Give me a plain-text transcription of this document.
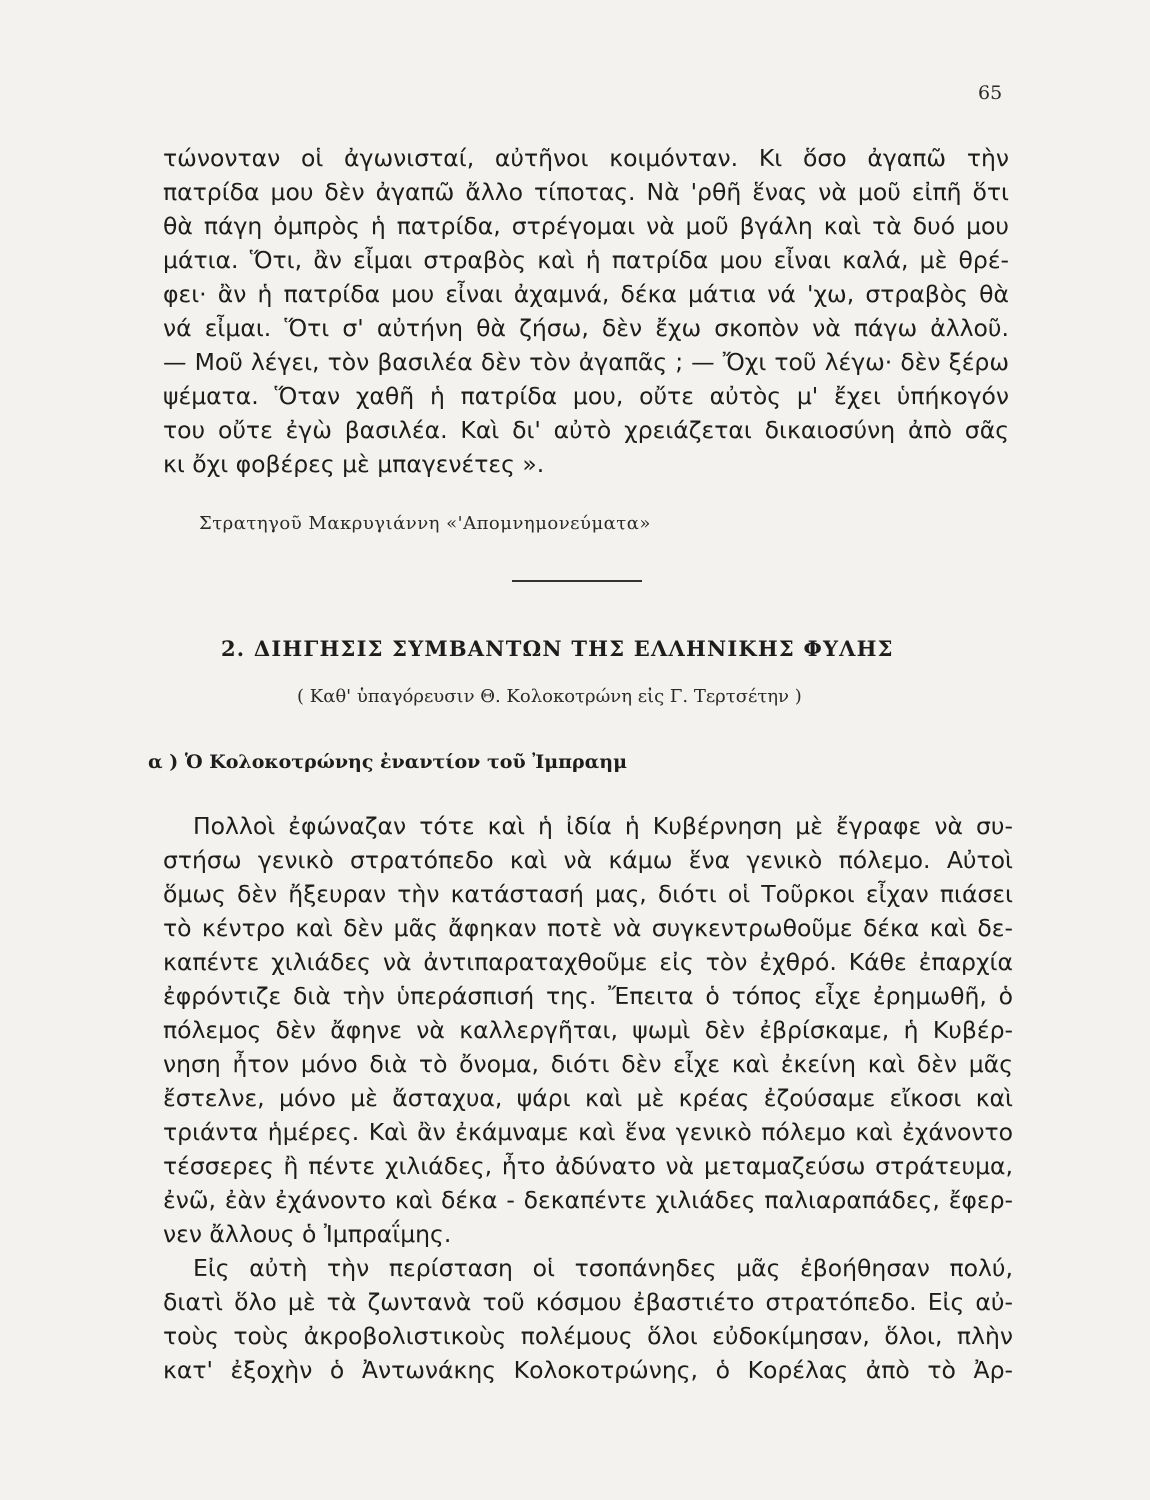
65
τώνονταν οἱ ἀγωνισταί, αὐτῆνοι κοιμόνταν. Κι ὅσο ἀγαπῶ τὴν
πατρίδα μου δὲν ἀγαπῶ ἄλλο τίποτας. Νὰ 'ρθῆ ἕνας νὰ μοῦ εἰπῆ ὅτι
θὰ πάγη ὀμπρὸς ἡ πατρίδα, στρέγομαι νὰ μοῦ βγάλη καὶ τὰ δυό μου
μάτια. Ὅτι, ἂν εἶμαι στραβὸς καὶ ἡ πατρίδα μου εἶναι καλά, μὲ θρέ-
φει· ἂν ἡ πατρίδα μου εἶναι ἀχαμνά, δέκα μάτια νά 'χω, στραβὸς θὰ
νά εἶμαι. Ὅτι σ' αὐτήνη θὰ ζήσω, δὲν ἔχω σκοπὸν νὰ πάγω ἀλλοῦ.
— Μοῦ λέγει, τὸν βασιλέα δὲν τὸν ἀγαπᾶς ; — Ὄχι τοῦ λέγω· δὲν ξέρω
ψέματα. Ὅταν χαθῆ ἡ πατρίδα μου, οὔτε αὐτὸς μ' ἔχει ὑπήκογόν
του οὔτε ἐγὼ βασιλέα. Καὶ δι' αὐτὸ χρειάζεται δικαιοσύνη ἀπὸ σᾶς
κι ὄχι φοβέρες μὲ μπαγενέτες ».
Στρατηγοῦ Μακρυγιάννη «'Απομνημονεύματα»
2. ΔΙΗΓΗΣΙΣ ΣΥΜΒΑΝΤΩΝ ΤΗΣ ΕΛΛΗΝΙΚΗΣ ΦΥΛΗΣ
( Καθ' ὑπαγόρευσιν Θ. Κολοκοτρώνη εἰς Γ. Τερτσέτην )
α ) Ὁ Κολοκοτρώνης ἐναντίον τοῦ Ἰμπραημ
Πολλοὶ ἐφώναζαν τότε καὶ ἡ ἰδία ἡ Κυβέρνηση μὲ ἔγραφε νὰ συ-
στήσω γενικὸ στρατόπεδο καὶ νὰ κάμω ἕνα γενικὸ πόλεμο. Αὐτοὶ
ὅμως δὲν ἤξευραν τὴν κατάστασή μας, διότι οἱ Τοῦρκοι εἶχαν πιάσει
τὸ κέντρο καὶ δὲν μᾶς ἄφηκαν ποτὲ νὰ συγκεντρωθοῦμε δέκα καὶ δε-
καπέντε χιλιάδες νὰ ἀντιπαραταχθοῦμε εἰς τὸν ἐχθρό. Κάθε ἐπαρχία
ἐφρόντιζε διὰ τὴν ὑπεράσπισή της. Ἔπειτα ὁ τόπος εἶχε ἐρημωθῆ, ὁ
πόλεμος δὲν ἄφηνε νὰ καλλεργῆται, ψωμὶ δὲν ἐβρίσκαμε, ἡ Κυβέρ-
νηση ἦτον μόνο διὰ τὸ ὄνομα, διότι δὲν εἶχε καὶ ἐκείνη καὶ δὲν μᾶς
ἔστελνε, μόνο μὲ ἄσταχυα, ψάρι καὶ μὲ κρέας ἐζούσαμε εἴκοσι καὶ
τριάντα ἡμέρες. Καὶ ἂν ἐκάμναμε καὶ ἕνα γενικὸ πόλεμο καὶ ἐχάνοντο
τέσσερες ἢ πέντε χιλιάδες, ἦτο ἀδύνατο νὰ μεταμαζεύσω στράτευμα,
ἐνῶ, ἐὰν ἐχάνοντο καὶ δέκα - δεκαπέντε χιλιάδες παλιαραπάδες, ἔφερ-
νεν ἄλλους ὁ Ἰμπραΐμης.
Εἰς αὐτὴ τὴν περίσταση οἱ τσοπάνηδες μᾶς ἐβοήθησαν πολύ,
διατὶ ὅλο μὲ τὰ ζωντανὰ τοῦ κόσμου ἐβαστιέτο στρατόπεδο. Εἰς αὐ-
τοὺς τοὺς ἀκροβολιστικοὺς πολέμους ὅλοι εὐδοκίμησαν, ὅλοι, πλὴν
κατ' ἐξοχὴν ὁ Ἀντωνάκης Κολοκοτρώνης, ὁ Κορέλας ἀπὸ τὸ Ἀρ-
